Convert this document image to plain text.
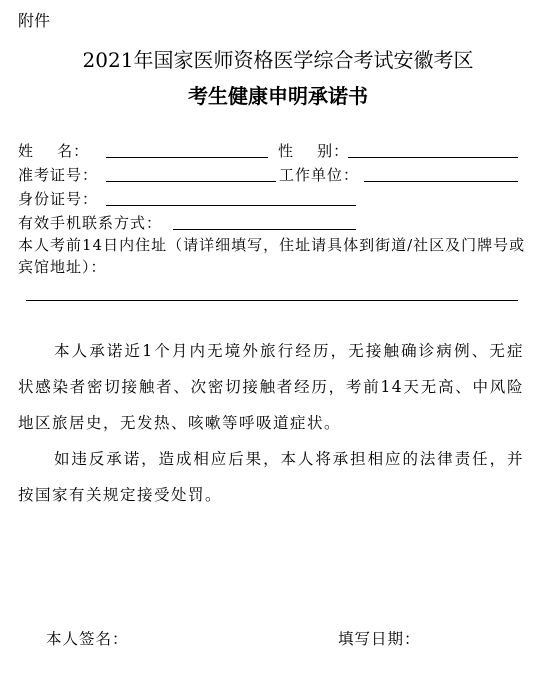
附件
2021年国家医师资格医学综合考试安徽考区
考生健康申明承诺书
姓    名：	性    别：
准考证号：	工作单位：
身份证号：
有效手机联系方式：
本人考前14日内住址（请详细填写，住址请具体到街道/社区及门牌号或宾馆地址）：
本人承诺近1个月内无境外旅行经历，无接触确诊病例、无症状感染者密切接触者、次密切接触者经历，考前14天无高、中风险地区旅居史，无发热、咳嗽等呼吸道症状。
如违反承诺，造成相应后果，本人将承担相应的法律责任，并按国家有关规定接受处罚。
本人签名：	填写日期：
